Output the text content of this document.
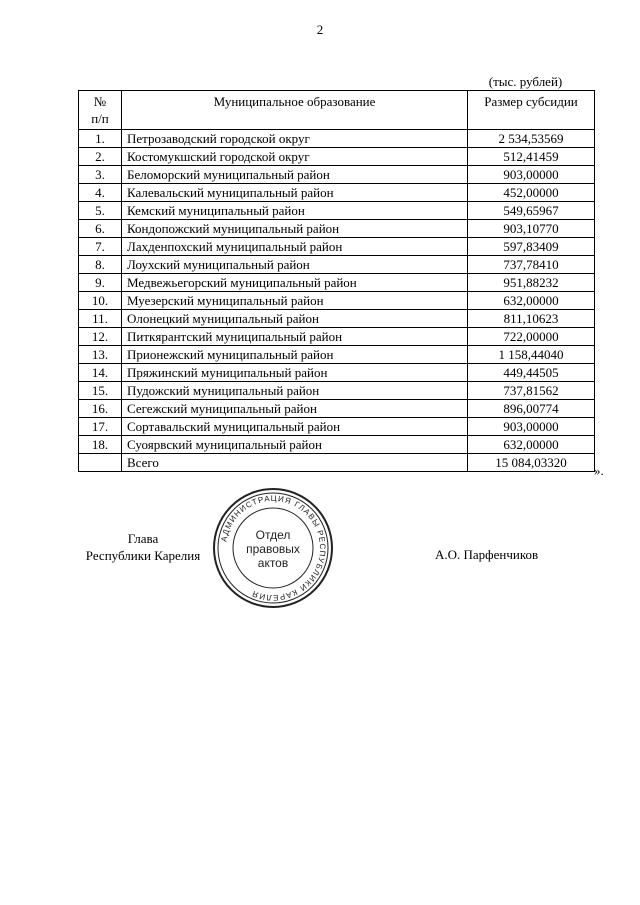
2
(тыс. рублей)
№
п/п	Муниципальное образование	Размер субсидии
1.	Петрозаводский городской округ	2 534,53569
2.	Костомукшский городской округ	512,41459
3.	Беломорский муниципальный район	903,00000
4.	Калевальский муниципальный район	452,00000
5.	Кемский муниципальный район	549,65967
6.	Кондопожский муниципальный район	903,10770
7.	Лахденпохский муниципальный район	597,83409
8.	Лоухский муниципальный район	737,78410
9.	Медвежьегорский муниципальный район	951,88232
10.	Муезерский муниципальный район	632,00000
11.	Олонецкий муниципальный район	811,10623
12.	Питкярантский муниципальный район	722,00000
13.	Прионежский муниципальный район	1 158,44040
14.	Пряжинский муниципальный район	449,44505
15.	Пудожский муниципальный район	737,81562
16.	Сегежский муниципальный район	896,00774
17.	Сортавальский муниципальный район	903,00000
18.	Суоярвский муниципальный район	632,00000
	Всего	15 084,03320
».
Глава
Республики Карелия
АДМИНИСТРАЦИЯ ГЛАВЫ РЕСПУБЛИКИ КАРЕЛИЯ
Отдел
правовых
актов
А.О. Парфенчиков
